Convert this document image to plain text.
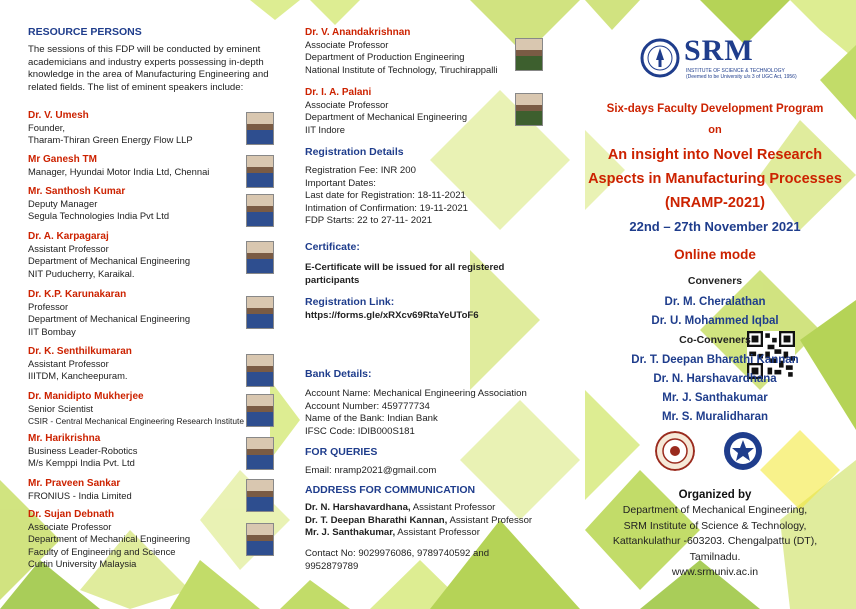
RESOURCE PERSONS
The sessions of this FDP will be conducted by eminent
academicians and industry experts possessing in-depth
knowledge in the area of Manufacturing Engineering and
related fields. The list of eminent speakers include:
Dr. V. Umesh
Founder,
Tharam-Thiran Green Energy Flow LLP
Mr Ganesh TM
Manager, Hyundai Motor India Ltd, Chennai
Mr. Santhosh Kumar
Deputy Manager
Segula Technologies India Pvt Ltd
Dr. A. Karpagaraj
Assistant Professor
Department of Mechanical Engineering
NIT Puducherry, Karaikal.
Dr. K.P. Karunakaran
Professor
Department of Mechanical Engineering
IIT Bombay
Dr. K. Senthilkumaran
Assistant Professor
IIITDM, Kancheepuram.
Dr. Manidipto Mukherjee
Senior Scientist
CSIR - Central Mechanical Engineering Research Institute
Mr. Harikrishna
Business Leader-Robotics
M/s Kemppi India Pvt. Ltd
Mr. Praveen Sankar
FRONIUS - India Limited
Dr. Sujan Debnath
Associate Professor
Department of Mechanical Engineering
Faculty of Engineering and Science
Curtin University Malaysia
Dr. V. Anandakrishnan
Associate Professor
Department of Production Engineering
National Institute of Technology, Tiruchirappalli
Dr. I. A. Palani
Associate Professor
Department of Mechanical Engineering
IIT Indore
Registration Details
Registration Fee: INR 200
Important Dates:
Last date for Registration: 18-11-2021
Intimation of Confirmation: 19-11-2021
FDP Starts: 22 to 27-11- 2021
Certificate:
E-Certificate will be issued for all registered
participants
Registration Link:
https://forms.gle/xRXcv69RtaYeUToF6
Bank Details:
Account Name: Mechanical Engineering Association
Account Number: 459777734
Name of the Bank: Indian Bank
IFSC Code: IDIB000S181
FOR QUERIES
Email: nramp2021@gmail.com
ADDRESS FOR COMMUNICATION
Dr. N. Harshavardhana, Assistant Professor
Dr. T. Deepan Bharathi Kannan, Assistant Professor
Mr. J. Santhakumar, Assistant Professor
Contact No: 9029976086, 9789740592 and
9952879789
SRM
INSTITUTE OF SCIENCE & TECHNOLOGY
(Deemed to be University u/s 3 of UGC Act, 1956)
Six-days Faculty Development Program
on
An insight into Novel Research
Aspects in Manufacturing Processes
(NRAMP-2021)
22nd – 27th November 2021
Online mode
Conveners
Dr. M. Cheralathan
Dr. U. Mohammed Iqbal
Co-Conveners
Dr. T. Deepan Bharathi Kannan
Dr. N. Harshavardhana
Mr. J. Santhakumar
Mr. S. Muralidharan
Organized by
Department of Mechanical Engineering,
SRM Institute of Science & Technology,
Kattankulathur -603203. Chengalpattu (DT),
Tamilnadu.
www.srmuniv.ac.in
